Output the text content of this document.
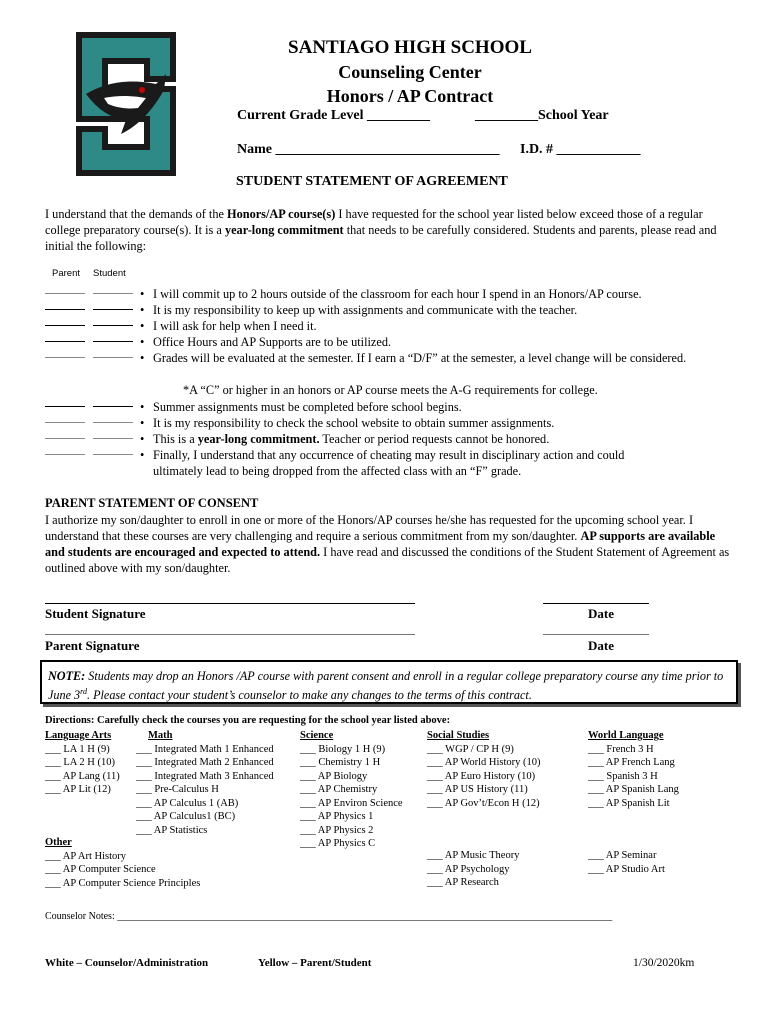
SANTIAGO HIGH SCHOOL
Counseling Center
Honors / AP Contract
Current Grade Level _________	_________School Year
Name ________________________________ I.D. # ____________
STUDENT STATEMENT OF AGREEMENT
I understand that the demands of the Honors/AP course(s) I have requested for the school year listed below exceed those of a regular college preparatory course(s). It is a year-long commitment that needs to be carefully considered. Students and parents, please read and initial the following:
Parent Student
• I will commit up to 2 hours outside of the classroom for each hour I spend in an Honors/AP course.
• It is my responsibility to keep up with assignments and communicate with the teacher.
• I will ask for help when I need it.
• Office Hours and AP Supports are to be utilized.
• Grades will be evaluated at the semester. If I earn a “D/F” at the semester, a level change will be considered.
*A “C” or higher in an honors or AP course meets the A-G requirements for college.
• Summer assignments must be completed before school begins.
• It is my responsibility to check the school website to obtain summer assignments.
• This is a year-long commitment. Teacher or period requests cannot be honored.
• Finally, I understand that any occurrence of cheating may result in disciplinary action and could ultimately lead to being dropped from the affected class with an “F” grade.
PARENT STATEMENT OF CONSENT
I authorize my son/daughter to enroll in one or more of the Honors/AP courses he/she has requested for the upcoming school year. I understand that these courses are very challenging and require a serious commitment from my son/daughter. AP supports are available and students are encouraged and expected to attend. I have read and discussed the conditions of the Student Statement of Agreement as outlined above with my son/daughter.
Student Signature	Date
Parent Signature	Date
NOTE: Students may drop an Honors /AP course with parent consent and enroll in a regular college preparatory course any time prior to June 3rd. Please contact your student’s counselor to make any changes to the terms of this contract.
Directions: Carefully check the courses you are requesting for the school year listed above:
Language Arts
___ LA 1 H (9)
___ LA 2 H (10)
___ AP Lang (11)
___ AP Lit (12)
Math
___ Integrated Math 1 Enhanced
___ Integrated Math 2 Enhanced
___ Integrated Math 3 Enhanced
___ Pre-Calculus H
___ AP Calculus 1 (AB)
___ AP Calculus1 (BC)
___ AP Statistics
Science
___ Biology 1 H (9)
___ Chemistry 1 H
___ AP Biology
___ AP Chemistry
___ AP Environ Science
___ AP Physics 1
___ AP Physics 2
___ AP Physics C
Social Studies
___ WGP / CP H (9)
___ AP World History (10)
___ AP Euro History (10)
___ AP US History (11)
___ AP Gov’t/Econ H (12)
World Language
___ French 3 H
___ AP French Lang
___ Spanish 3 H
___ AP Spanish Lang
___ AP Spanish Lit
Other
___ AP Art History
___ AP Computer Science
___ AP Computer Science Principles
___ AP Music Theory
___ AP Psychology
___ AP Research
___ AP Seminar
___ AP Studio Art
Counselor Notes: ___________________________________________________________________________________________________
White – Counselor/Administration	Yellow – Parent/Student	1/30/2020km
